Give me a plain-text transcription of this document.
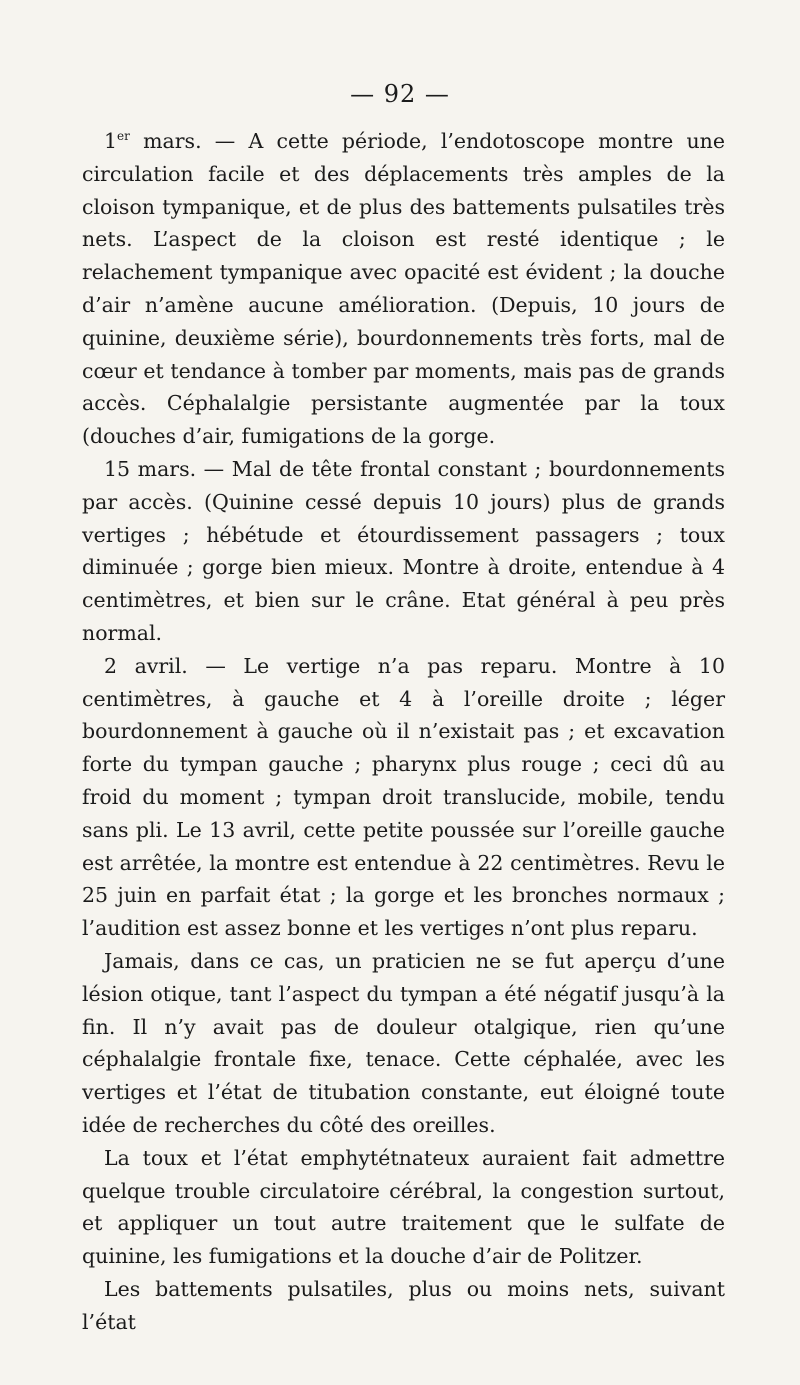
— 92 —

1er mars. — A cette période, l’endotoscope montre une circulation facile et des déplacements très amples de la cloison tympanique, et de plus des battements pulsatiles très nets. L’aspect de la cloison est resté identique ; le relachement tympanique avec opacité est évident ; la douche d’air n’amène aucune amélioration. (Depuis, 10 jours de quinine, deuxième série), bourdonnements très forts, mal de cœur et tendance à tomber par moments, mais pas de grands accès. Céphalalgie persistante augmentée par la toux (douches d’air, fumigations de la gorge.

15 mars. — Mal de tête frontal constant ; bourdonnements par accès. (Quinine cessé depuis 10 jours) plus de grands vertiges ; hébétude et étourdissement passagers ; toux diminuée ; gorge bien mieux. Montre à droite, entendue à 4 centimètres, et bien sur le crâne. Etat général à peu près normal.

2 avril. — Le vertige n’a pas reparu. Montre à 10 centimètres, à gauche et 4 à l’oreille droite ; léger bourdonnement à gauche où il n’existait pas ; et excavation forte du tympan gauche ; pharynx plus rouge ; ceci dû au froid du moment ; tympan droit translucide, mobile, tendu sans pli. Le 13 avril, cette petite poussée sur l’oreille gauche est arrêtée, la montre est entendue à 22 centimètres. Revu le 25 juin en parfait état ; la gorge et les bronches normaux ; l’audition est assez bonne et les vertiges n’ont plus reparu.

Jamais, dans ce cas, un praticien ne se fut aperçu d’une lésion otique, tant l’aspect du tympan a été négatif jusqu’à la fin. Il n’y avait pas de douleur otalgique, rien qu’une céphalalgie frontale fixe, tenace. Cette céphalée, avec les vertiges et l’état de titubation constante, eut éloigné toute idée de recherches du côté des oreilles.

La toux et l’état emphytétnateux auraient fait admettre quelque trouble circulatoire cérébral, la congestion surtout, et appliquer un tout autre traitement que le sulfate de quinine, les fumigations et la douche d’air de Politzer.

Les battements pulsatiles, plus ou moins nets, suivant l’état
